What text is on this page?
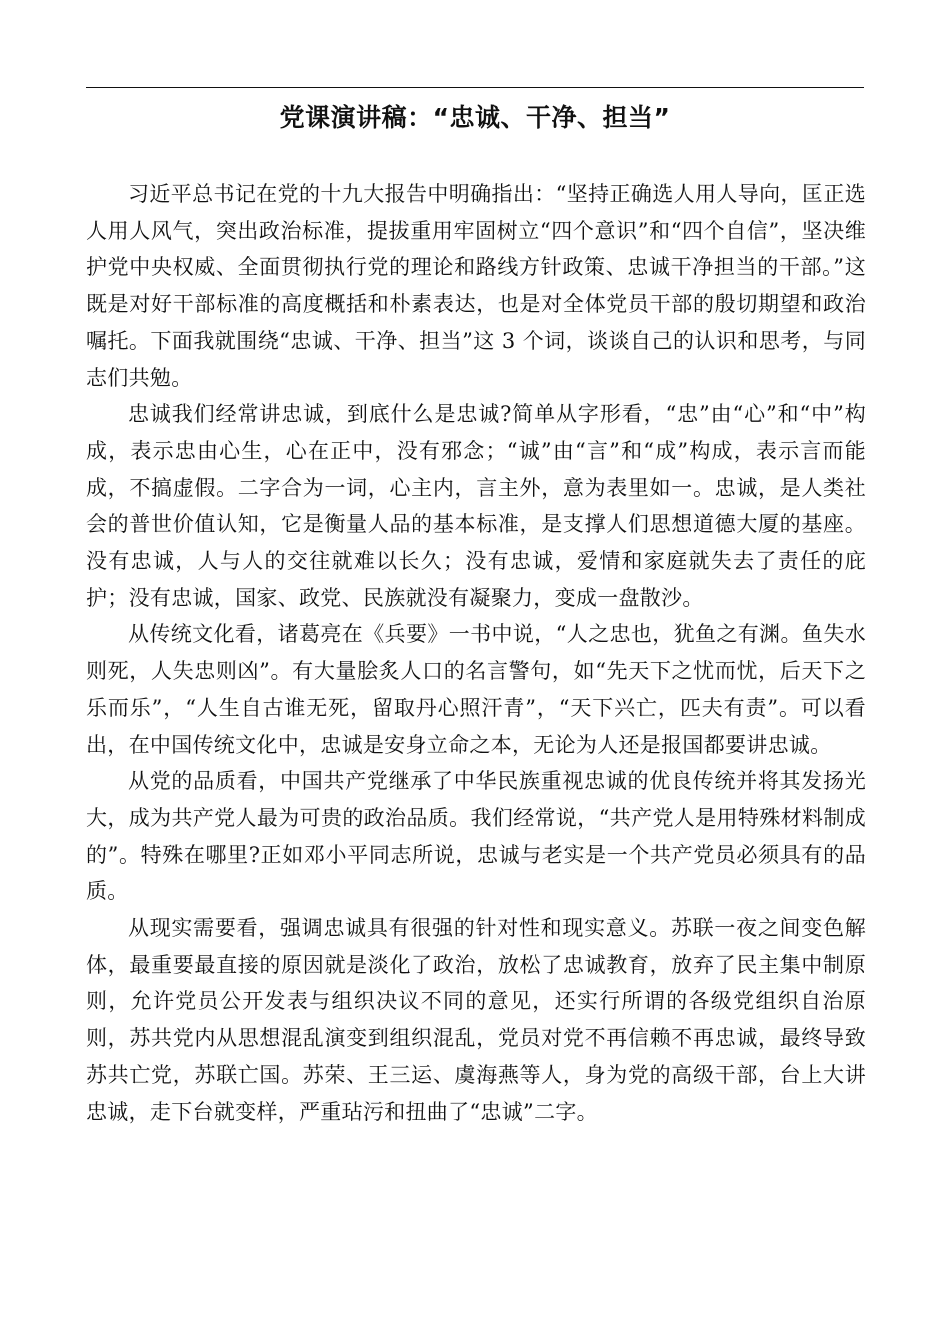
党课演讲稿：“忠诚、干净、担当”

习近平总书记在党的十九大报告中明确指出：“坚持正确选人用人导向，匡正选人用人风气，突出政治标准，提拔重用牢固树立“四个意识”和“四个自信”，坚决维护党中央权威、全面贯彻执行党的理论和路线方针政策、忠诚干净担当的干部。”这既是对好干部标准的高度概括和朴素表达，也是对全体党员干部的殷切期望和政治嘱托。下面我就围绕“忠诚、干净、担当”这 3 个词，谈谈自己的认识和思考，与同志们共勉。

忠诚我们经常讲忠诚，到底什么是忠诚?简单从字形看，“忠”由“心”和“中”构成，表示忠由心生，心在正中，没有邪念；“诚”由“言”和“成”构成，表示言而能成，不搞虚假。二字合为一词，心主内，言主外，意为表里如一。忠诚，是人类社会的普世价值认知，它是衡量人品的基本标准，是支撑人们思想道德大厦的基座。 没有忠诚，人与人的交往就难以长久；没有忠诚，爱情和家庭就失去了责任的庇护；没有忠诚，国家、政党、民族就没有凝聚力，变成一盘散沙。

从传统文化看，诸葛亮在《兵要》一书中说，“人之忠也，犹鱼之有渊。鱼失水则死，人失忠则凶”。有大量脍炙人口的名言警句，如“先天下之忧而忧，后天下之乐而乐”，“人生自古谁无死，留取丹心照汗青”，“天下兴亡，匹夫有责”。可以看出，在中国传统文化中，忠诚是安身立命之本，无论为人还是报国都要讲忠诚。

从党的品质看，中国共产党继承了中华民族重视忠诚的优良传统并将其发扬光大，成为共产党人最为可贵的政治品质。我们经常说，“共产党人是用特殊材料制成的”。特殊在哪里?正如邓小平同志所说，忠诚与老实是一个共产党员必须具有的品质。

从现实需要看，强调忠诚具有很强的针对性和现实意义。苏联一夜之间变色解体，最重要最直接的原因就是淡化了政治，放松了忠诚教育，放弃了民主集中制原则，允许党员公开发表与组织决议不同的意见，还实行所谓的各级党组织自治原则，苏共党内从思想混乱演变到组织混乱，党员对党不再信赖不再忠诚，最终导致苏共亡党，苏联亡国。苏荣、王三运、虞海燕等人，身为党的高级干部，台上大讲忠诚，走下台就变样，严重玷污和扭曲了“忠诚”二字。
